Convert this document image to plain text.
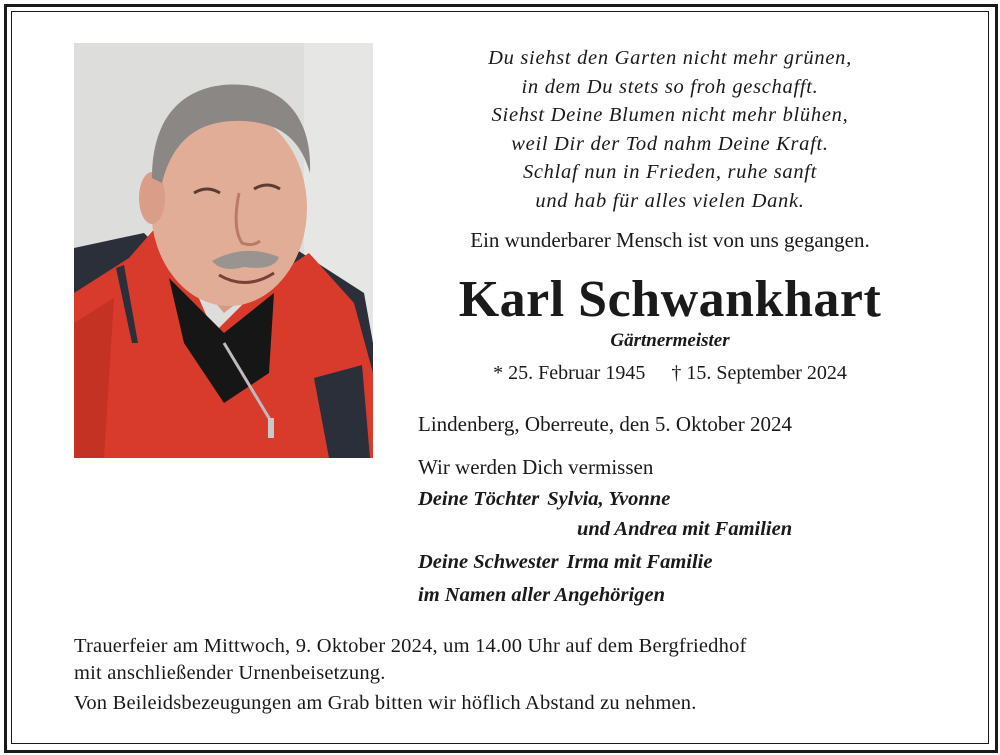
Du siehst den Garten nicht mehr grünen,
in dem Du stets so froh geschafft.
Siehst Deine Blumen nicht mehr blühen,
weil Dir der Tod nahm Deine Kraft.
Schlaf nun in Frieden, ruhe sanft
und hab für alles vielen Dank.
Ein wunderbarer Mensch ist von uns gegangen.
Karl Schwankhart
Gärtnermeister
* 25. Februar 1945 † 15. September 2024
Lindenberg, Oberreute, den 5. Oktober 2024
Wir werden Dich vermissen
Deine Töchter Sylvia, Yvonne
und Andrea mit Familien
Deine Schwester Irma mit Familie
im Namen aller Angehörigen
Trauerfeier am Mittwoch, 9. Oktober 2024, um 14.00 Uhr auf dem Bergfriedhof
mit anschließender Urnenbeisetzung.
Von Beileidsbezeugungen am Grab bitten wir höflich Abstand zu nehmen.
